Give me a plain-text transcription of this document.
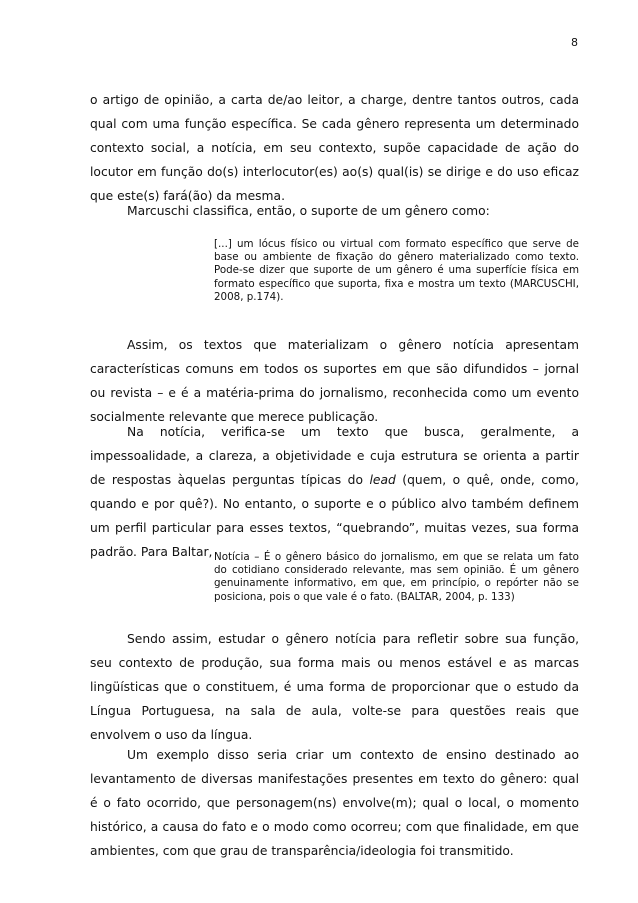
8

o artigo de opinião, a carta de/ao leitor, a charge, dentre tantos outros, cada qual com uma função específica. Se cada gênero representa um determinado contexto social, a notícia, em seu contexto, supõe capacidade de ação do locutor em função do(s) interlocutor(es) ao(s) qual(is) se dirige e do uso eficaz que este(s) fará(ão) da mesma.

Marcuschi classifica, então, o suporte de um gênero como:

[...] um lócus físico ou virtual com formato específico que serve de base ou ambiente de fixação do gênero materializado como texto. Pode-se dizer que suporte de um gênero é uma superfície física em formato específico que suporta, fixa e mostra um texto (MARCUSCHI, 2008, p.174).

Assim, os textos que materializam o gênero notícia apresentam características comuns em todos os suportes em que são difundidos – jornal ou revista – e é a matéria-prima do jornalismo, reconhecida como um evento socialmente relevante que merece publicação.

Na notícia, verifica-se um texto que busca, geralmente, a impessoalidade, a clareza, a objetividade e cuja estrutura se orienta a partir de respostas àquelas perguntas típicas do lead (quem, o quê, onde, como, quando e por quê?). No entanto, o suporte e o público alvo também definem um perfil particular para esses textos, “quebrando”, muitas vezes, sua forma padrão. Para Baltar, Notícia – É o gênero básico do jornalismo, em que se relata um fato do cotidiano considerado relevante, mas sem opinião. É um gênero genuinamente informativo, em que, em princípio, o repórter não se posiciona, pois o que vale é o fato. (BALTAR, 2004, p. 133)

Sendo assim, estudar o gênero notícia para refletir sobre sua função, seu contexto de produção, sua forma mais ou menos estável e as marcas lingüísticas que o constituem, é uma forma de proporcionar que o estudo da Língua Portuguesa, na sala de aula, volte-se para questões reais que envolvem o uso da língua.

Um exemplo disso seria criar um contexto de ensino destinado ao levantamento de diversas manifestações presentes em texto do gênero: qual é o fato ocorrido, que personagem(ns) envolve(m); qual o local, o momento histórico, a causa do fato e o modo como ocorreu; com que finalidade, em que ambientes, com que grau de transparência/ideologia foi transmitido.
